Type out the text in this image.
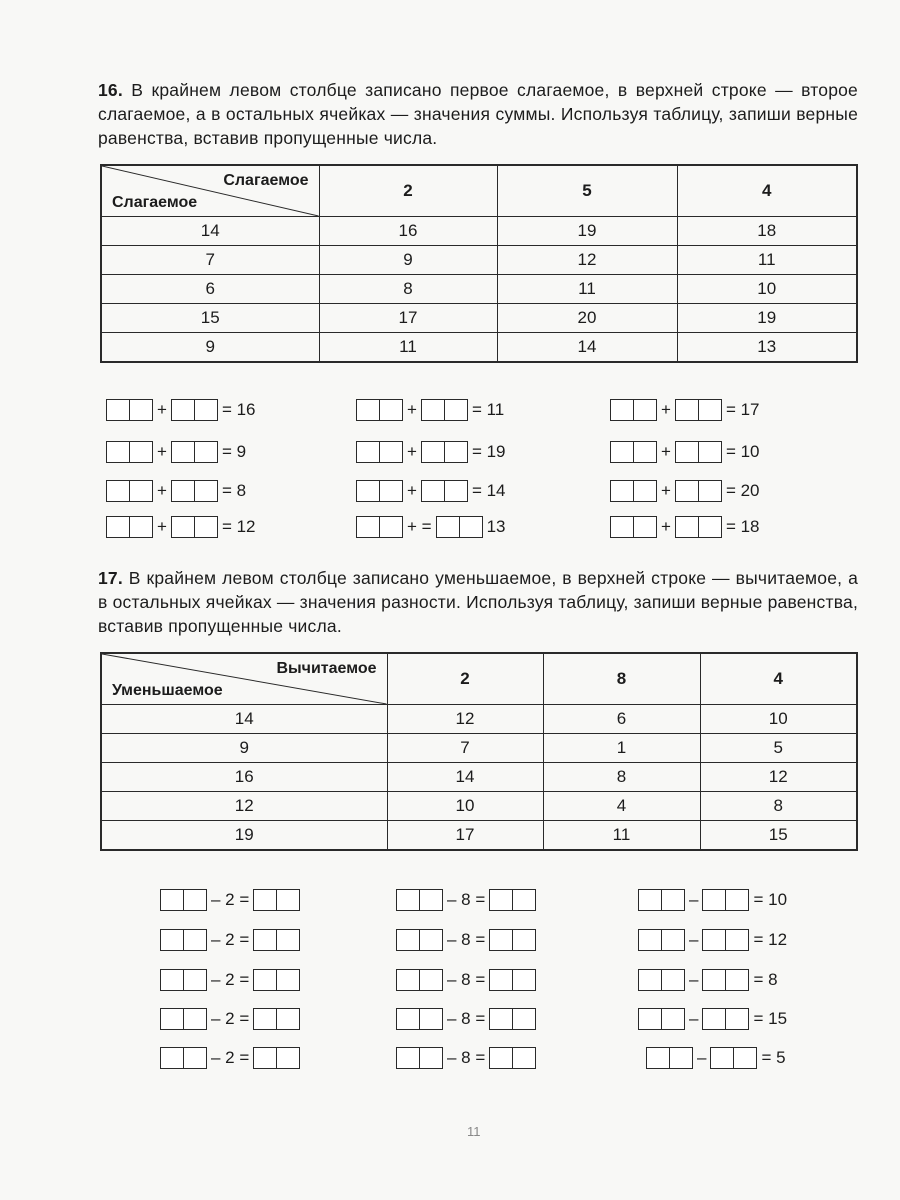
16. В крайнем левом столбце записано первое слагаемое, в верхней строке — второе слагаемое, а в остальных ячейках — значения суммы. Используя таблицу, запиши верные равенства, вставив пропущенные числа.
Слагаемое
Слагаемое	2	5	4
14	16	19	18
7	9	12	11
6	8	11	10
15	17	20	19
9	11	14	13
+	= 16
+	= 9
+	= 8
+	= 12
+	= 11
+	= 19
+	= 14
+ =	13
+	= 17
+	= 10
+	= 20
+	= 18
17. В крайнем левом столбце записано уменьшаемое, в верхней строке — вычитаемое, а в остальных ячейках — значения разности. Используя таблицу, запиши верные равенства, вставив пропущенные числа.
Вычитаемое
Уменьшаемое	2	8	4
14	12	6	10
9	7	1	5
16	14	8	12
12	10	4	8
19	17	11	15
– 2 =	– 8 =	–	= 10
– 2 =	– 8 =	–	= 12
– 2 =	– 8 =	–	= 8
– 2 =	– 8 =	–	= 15
– 2 =	– 8 =	–	= 5
11
